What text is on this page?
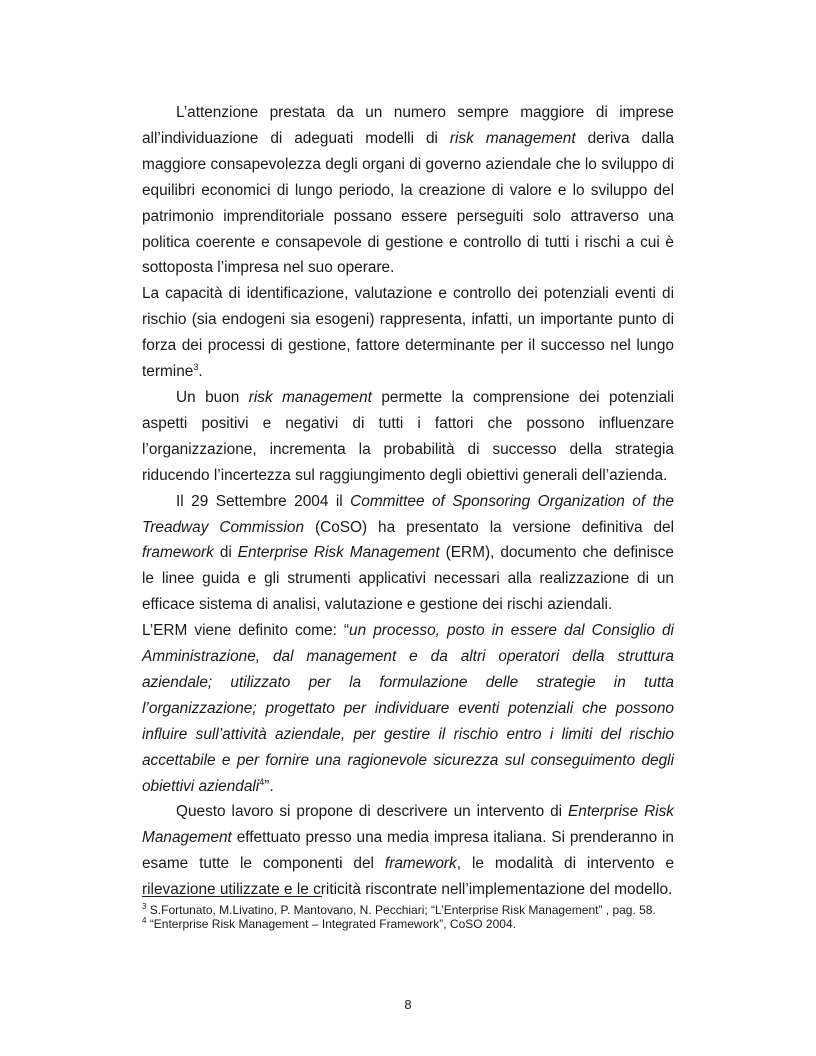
L’attenzione prestata da un numero sempre maggiore di imprese all’individuazione di adeguati modelli di risk management deriva dalla maggiore consapevolezza degli organi di governo aziendale che lo sviluppo di equilibri economici di lungo periodo, la creazione di valore e lo sviluppo del patrimonio imprenditoriale possano essere perseguiti solo attraverso una politica coerente e consapevole di gestione e controllo di tutti i rischi a cui è sottoposta l’impresa nel suo operare.

La capacità di identificazione, valutazione e controllo dei potenziali eventi di rischio (sia endogeni sia esogeni) rappresenta, infatti, un importante punto di forza dei processi di gestione, fattore determinante per il successo nel lungo termine$^3$.

Un buon risk management permette la comprensione dei potenziali aspetti positivi e negativi di tutti i fattori che possono influenzare l’organizzazione, incrementa la probabilità di successo della strategia riducendo l’incertezza sul raggiungimento degli obiettivi generali dell’azienda.

Il 29 Settembre 2004 il Committee of Sponsoring Organization of the Treadway Commission (CoSO) ha presentato la versione definitiva del framework di Enterprise Risk Management (ERM), documento che definisce le linee guida e gli strumenti applicativi necessari alla realizzazione di un efficace sistema di analisi, valutazione e gestione dei rischi aziendali.

L’ERM viene definito come: “un processo, posto in essere dal Consiglio di Amministrazione, dal management e da altri operatori della struttura aziendale; utilizzato per la formulazione delle strategie in tutta l’organizzazione; progettato per individuare eventi potenziali che possono influire sull’attività aziendale, per gestire il rischio entro i limiti del rischio accettabile e per fornire una ragionevole sicurezza sul conseguimento degli obiettivi aziendali$^4$”.

Questo lavoro si propone di descrivere un intervento di Enterprise Risk Management effettuato presso una media impresa italiana. Si prenderanno in esame tutte le componenti del framework, le modalità di intervento e rilevazione utilizzate e le criticità riscontrate nell’implementazione del modello.

$^3$ S.Fortunato, M.Livatino, P. Mantovano, N. Pecchiari; “L’Enterprise Risk Management” , pag. 58.

$^4$ “Enterprise Risk Management – Integrated Framework”, CoSO 2004.

8
